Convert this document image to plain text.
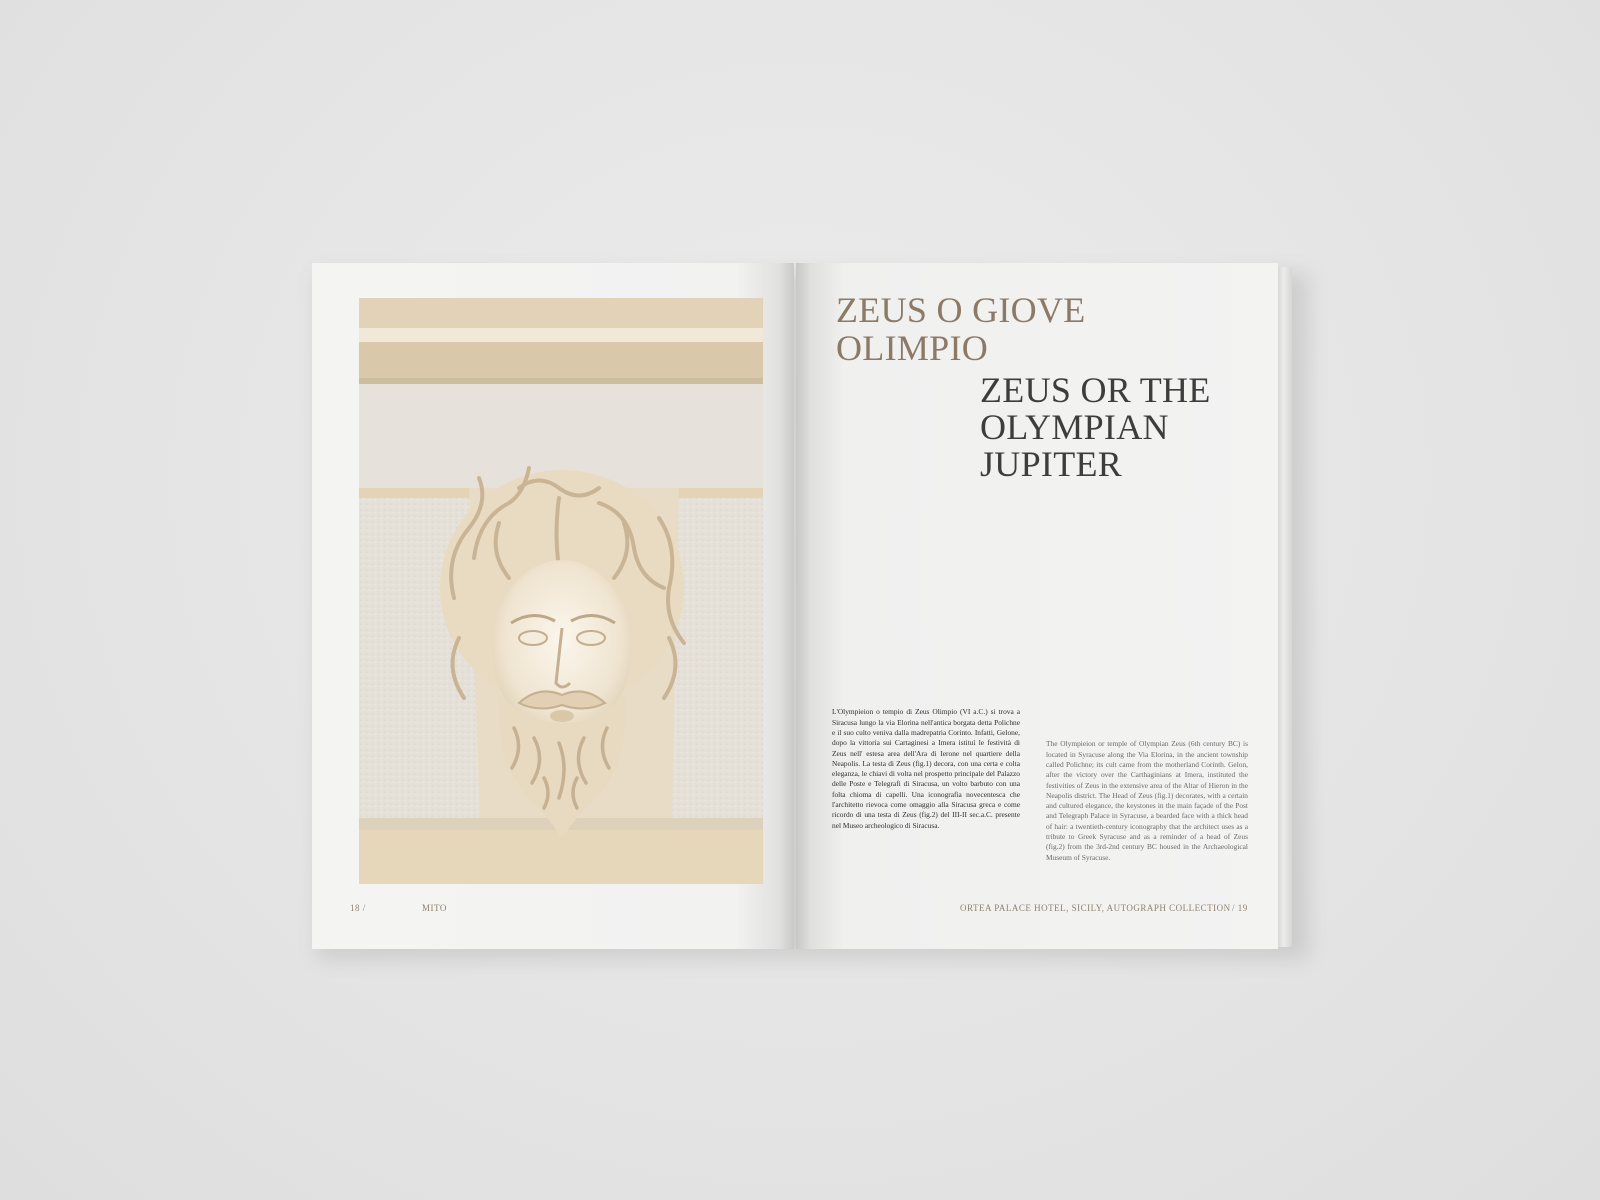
18 /	MITO	ORTEA PALACE HOTEL, SICILY, AUTOGRAPH COLLECTION / 19
ZEUS O GIOVE OLIMPIO
ZEUS OR THE OLYMPIAN JUPITER

L'Olympieion o tempio di Zeus Olimpio (VI a.C.) si trova a Siracusa lungo la via Elorina nell'antica borgata detta Polichne e il suo culto veniva dalla madrepatria Corinto. Infatti, Gelone, dopo la vittoria sui Cartaginesi a Imera istituì le festività di Zeus nell' estesa area dell'Ara di Ierone nel quartiere della Neapolis. La testa di Zeus (fig.1) decora, con una certa e colta eleganza, le chiavi di volta nel prospetto principale del Palazzo delle Poste e Telegrafi di Siracusa, un volto barbuto con una folta chioma di capelli. Una iconografia novecentesca che l'architetto rievoca come omaggio alla Siracusa greca e come ricordo di una testa di Zeus (fig.2) del III-II sec.a.C. presente nel Museo archeologico di Siracusa.

The Olympieion or temple of Olympian Zeus (6th century BC) is located in Syracuse along the Via Elorina, in the ancient township called Polichne; its cult came from the motherland Corinth. Gelon, after the victory over the Carthaginians at Imera, instituted the festivities of Zeus in the extensive area of the Altar of Hieron in the Neapolis district. The Head of Zeus (fig.1) decorates, with a certain and cultured elegance, the keystones in the main façade of the Post and Telegraph Palace in Syracuse, a bearded face with a thick head of hair: a twentieth-century iconography that the architect uses as a tribute to Greek Syracuse and as a reminder of a head of Zeus (fig.2) from the 3rd-2nd century BC housed in the Archaeological Museum of Syracuse.
